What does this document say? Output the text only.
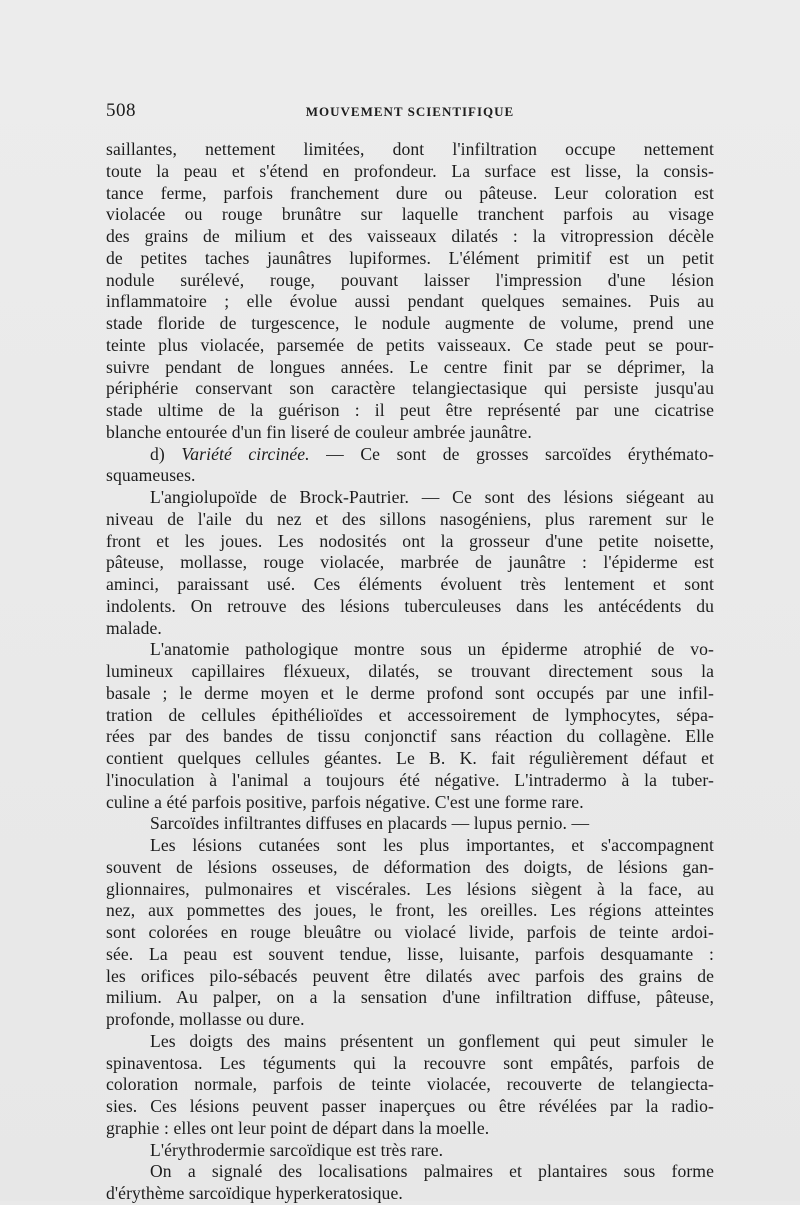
508	MOUVEMENT SCIENTIFIQUE

saillantes, nettement limitées, dont l'infiltration occupe nettement
toute la peau et s'étend en profondeur. La surface est lisse, la consis-
tance ferme, parfois franchement dure ou pâteuse. Leur coloration est
violacée ou rouge brunâtre sur laquelle tranchent parfois au visage
des grains de milium et des vaisseaux dilatés : la vitropression décèle
de petites taches jaunâtres lupiformes. L'élément primitif est un petit
nodule surélevé, rouge, pouvant laisser l'impression d'une lésion
inflammatoire ; elle évolue aussi pendant quelques semaines. Puis au
stade floride de turgescence, le nodule augmente de volume, prend une
teinte plus violacée, parsemée de petits vaisseaux. Ce stade peut se pour-
suivre pendant de longues années. Le centre finit par se déprimer, la
périphérie conservant son caractère telangiectasique qui persiste jusqu'au
stade ultime de la guérison : il peut être représenté par une cicatrise
blanche entourée d'un fin liseré de couleur ambrée jaunâtre.

d) Variété circinée. — Ce sont de grosses sarcoïdes érythémato-
squameuses.

L'angiolupoïde de Brock-Pautrier. — Ce sont des lésions siégeant au
niveau de l'aile du nez et des sillons nasogéniens, plus rarement sur le
front et les joues. Les nodosités ont la grosseur d'une petite noisette,
pâteuse, mollasse, rouge violacée, marbrée de jaunâtre : l'épiderme est
aminci, paraissant usé. Ces éléments évoluent très lentement et sont
indolents. On retrouve des lésions tuberculeuses dans les antécédents du
malade.

L'anatomie pathologique montre sous un épiderme atrophié de vo-
lumineux capillaires fléxueux, dilatés, se trouvant directement sous la
basale ; le derme moyen et le derme profond sont occupés par une infil-
tration de cellules épithélioïdes et accessoirement de lymphocytes, sépa-
rées par des bandes de tissu conjonctif sans réaction du collagène. Elle
contient quelques cellules géantes. Le B. K. fait régulièrement défaut et
l'inoculation à l'animal a toujours été négative. L'intradermo à la tuber-
culine a été parfois positive, parfois négative. C'est une forme rare.

Sarcoïdes infiltrantes diffuses en placards — lupus pernio. —

Les lésions cutanées sont les plus importantes, et s'accompagnent
souvent de lésions osseuses, de déformation des doigts, de lésions gan-
glionnaires, pulmonaires et viscérales. Les lésions siègent à la face, au
nez, aux pommettes des joues, le front, les oreilles. Les régions atteintes
sont colorées en rouge bleuâtre ou violacé livide, parfois de teinte ardoi-
sée. La peau est souvent tendue, lisse, luisante, parfois desquamante :
les orifices pilo-sébacés peuvent être dilatés avec parfois des grains de
milium. Au palper, on a la sensation d'une infiltration diffuse, pâteuse,
profonde, mollasse ou dure.

Les doigts des mains présentent un gonflement qui peut simuler le
spinaventosa. Les téguments qui la recouvre sont empâtés, parfois de
coloration normale, parfois de teinte violacée, recouverte de telangiecta-
sies. Ces lésions peuvent passer inaperçues ou être révélées par la radio-
graphie : elles ont leur point de départ dans la moelle.

L'érythrodermie sarcoïdique est très rare.

On a signalé des localisations palmaires et plantaires sous forme
d'érythème sarcoïdique hyperkeratosique.
